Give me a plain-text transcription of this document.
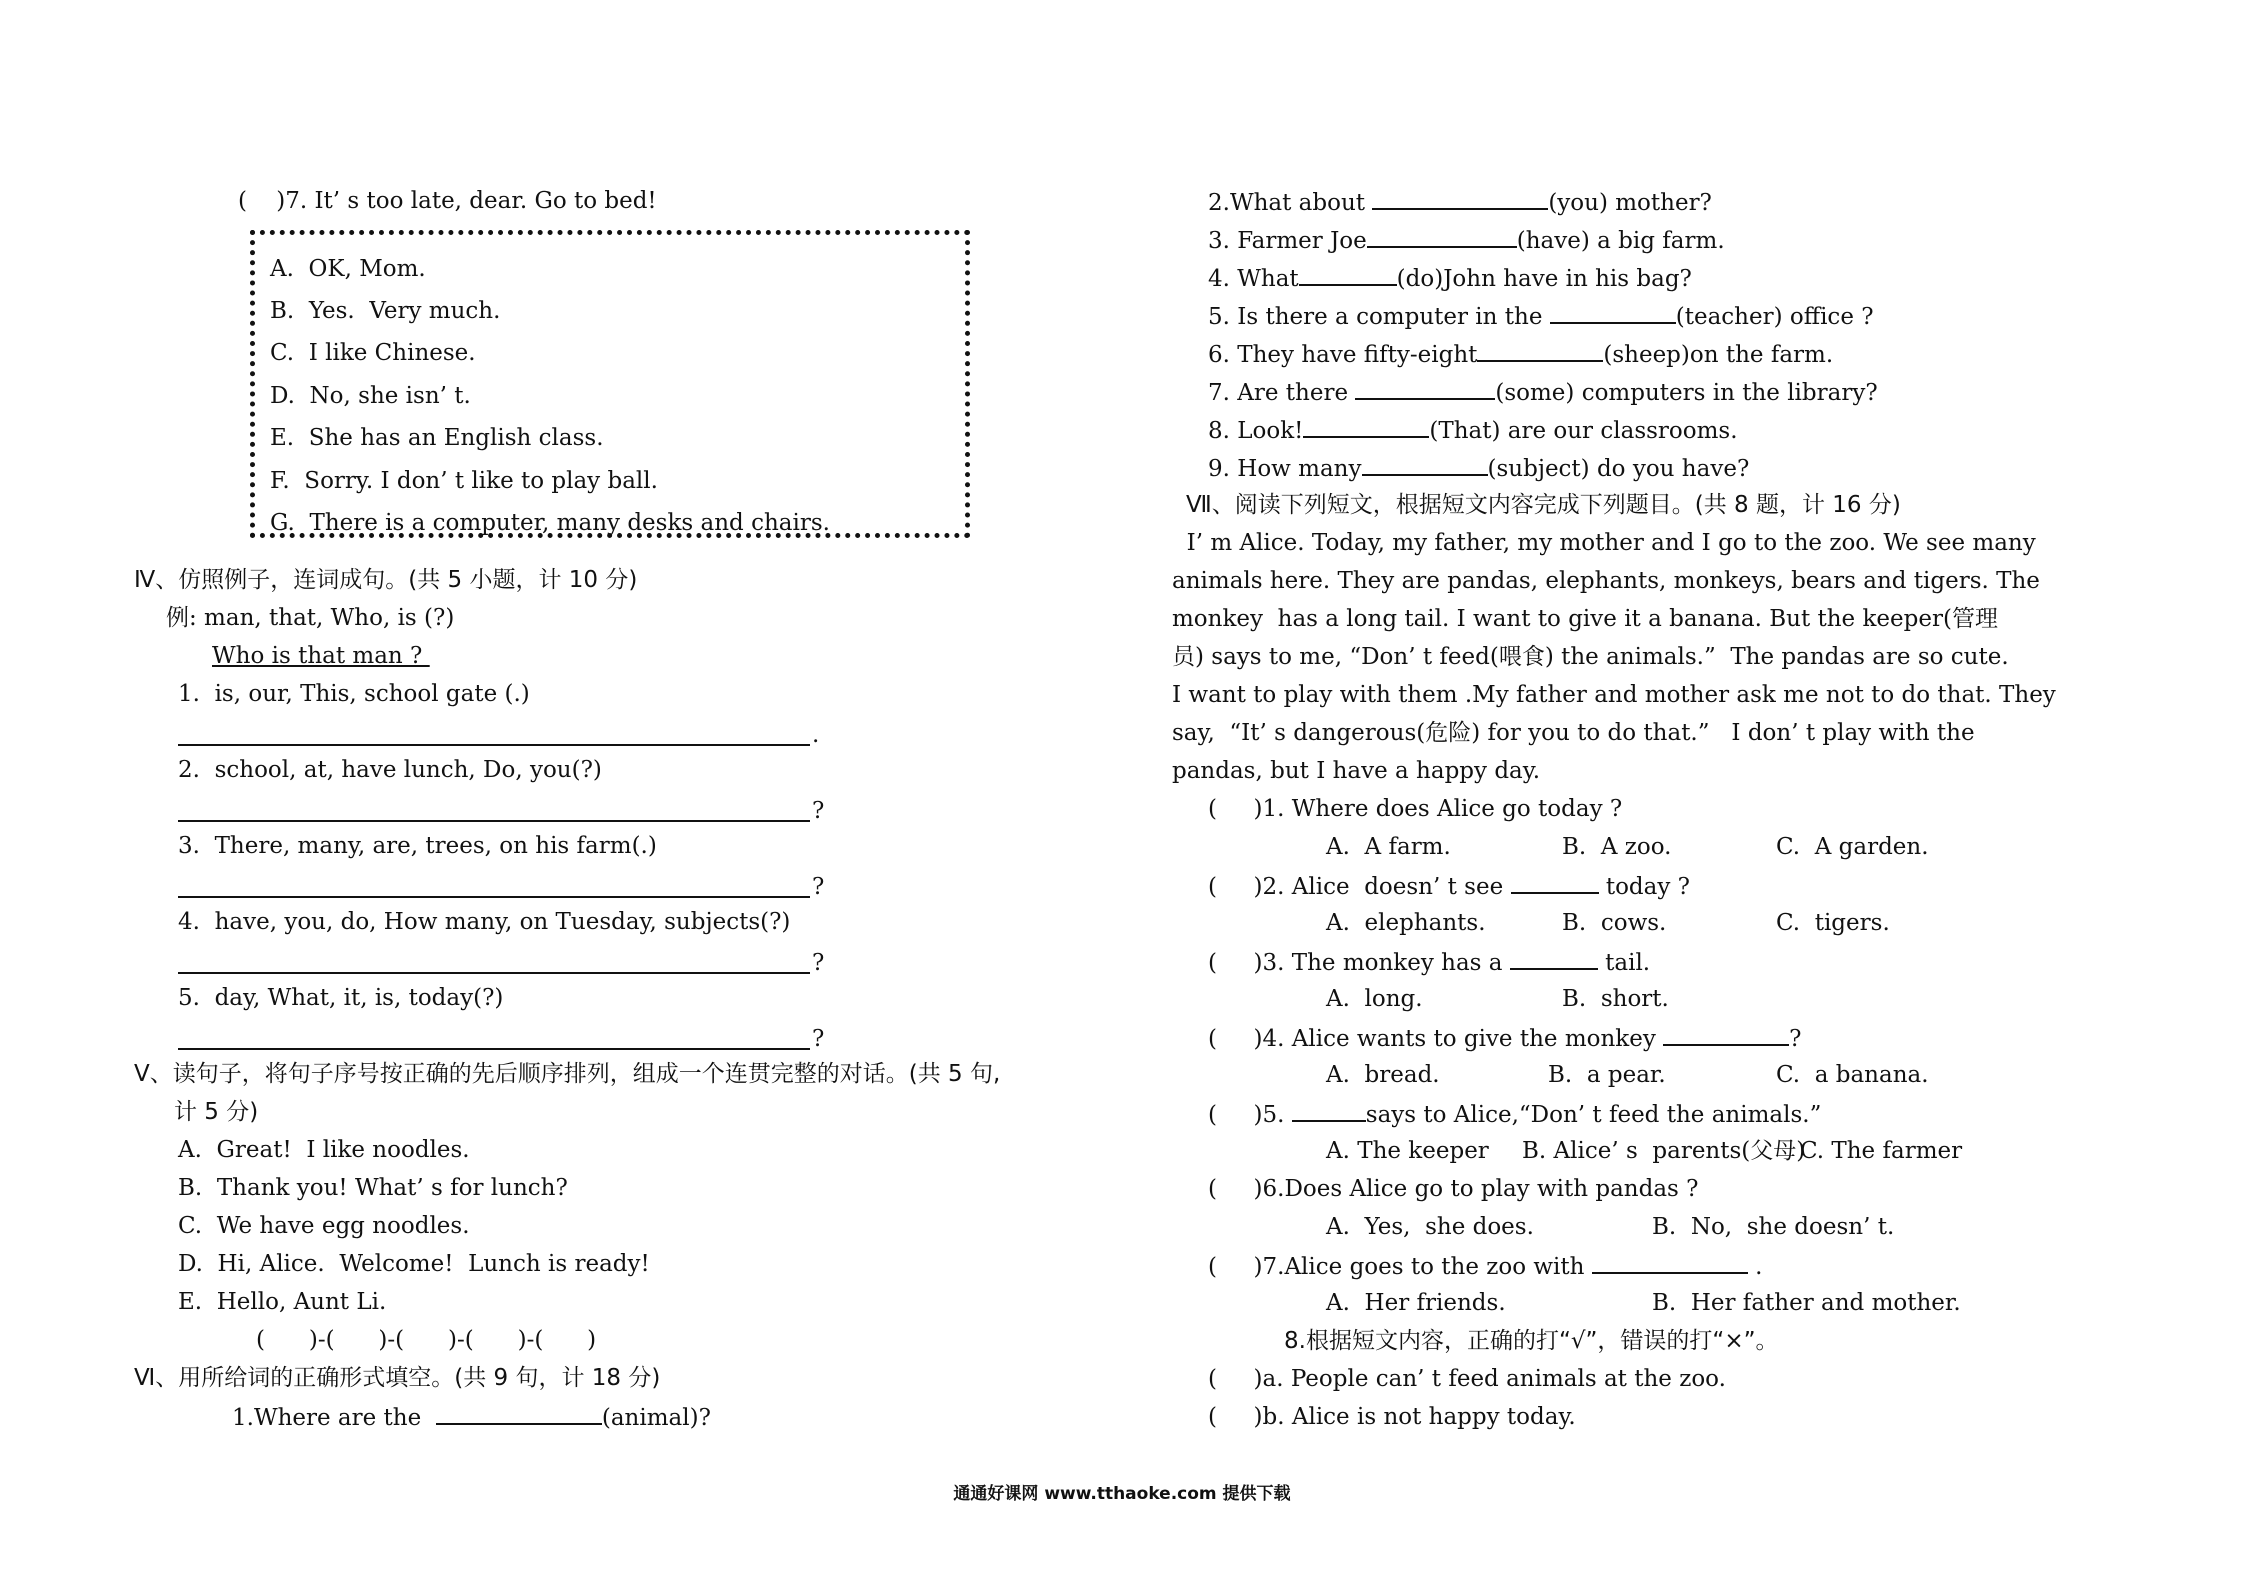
(    )7. It’ s too late, dear. Go to bed!
A.  OK, Mom.
B.  Yes.  Very much.
C.  I like Chinese.
D.  No, she isn’ t.
E.  She has an English class.
F.  Sorry. I don’ t like to play ball.
G.  There is a computer, many desks and chairs.
Ⅳ、仿照例子，连词成句。(共 5 小题，计 10 分)
例: man, that, Who, is (?)
Who is that man ?
1.  is, our, This, school gate (.)
.
2.  school, at, have lunch, Do, you(?)
?
3.  There, many, are, trees, on his farm(.)
?
4.  have, you, do, How many, on Tuesday, subjects(?)
?
5.  day, What, it, is, today(?)
?
Ⅴ、读句子，将句子序号按正确的先后顺序排列，组成一个连贯完整的对话。(共 5 句,
计 5 分)
A.  Great!  I like noodles.
B.  Thank you! What’ s for lunch?
C.  We have egg noodles.
D.  Hi, Alice.  Welcome!  Lunch is ready!
E.  Hello, Aunt Li.
(      )-(      )-(      )-(      )-(      )
Ⅵ、用所给词的正确形式填空。(共 9 句，计 18 分)
1.Where are the	(animal)?
2.What about	(you) mother?
3. Farmer Joe	(have) a big farm.
4. What	(do)John have in his bag?
5. Is there a computer in the	(teacher) office ?
6. They have fifty-eight	(sheep)on the farm.
7. Are there	(some) computers in the library?
8. Look!	(That) are our classrooms.
9. How many	(subject) do you have?
Ⅶ、阅读下列短文，根据短文内容完成下列题目。(共 8 题，计 16 分)
I’ m Alice. Today, my father, my mother and I go to the zoo. We see many
animals here. They are pandas, elephants, monkeys, bears and tigers. The
monkey  has a long tail. I want to give it a banana. But the keeper(管理
员) says to me, “Don’ t feed(喂食) the animals.”  The pandas are so cute.
I want to play with them .My father and mother ask me not to do that. They
say,  “It’ s dangerous(危险) for you to do that.”   I don’ t play with the
pandas, but I have a happy day.
(     )1. Where does Alice go today ?
A.  A farm.	B.  A zoo.	C.  A garden.
(     )2. Alice  doesn’ t see	today ?
A.  elephants.	B.  cows.	C.  tigers.
(     )3. The monkey has a	tail.
A.  long.	B.  short.
(     )4. Alice wants to give the monkey	?
A.  bread.	B.  a pear.	C.  a banana.
(     )5.	says to Alice,“Don’ t feed the animals.”
A. The keeper B. Alice’ s  parents(父母)
C. The farmer
(     )6.Does Alice go to play with pandas ?
A.  Yes,  she does.	B.  No,  she doesn’ t.
(     )7.Alice goes to the zoo with	.
A.  Her friends.	B.  Her father and mother.
8.根据短文内容，正确的打“√”，错误的打“×”。
(     )a. People can’ t feed animals at the zoo.
(     )b. Alice is not happy today.
通通好课网 www.tthaoke.com 提供下载
